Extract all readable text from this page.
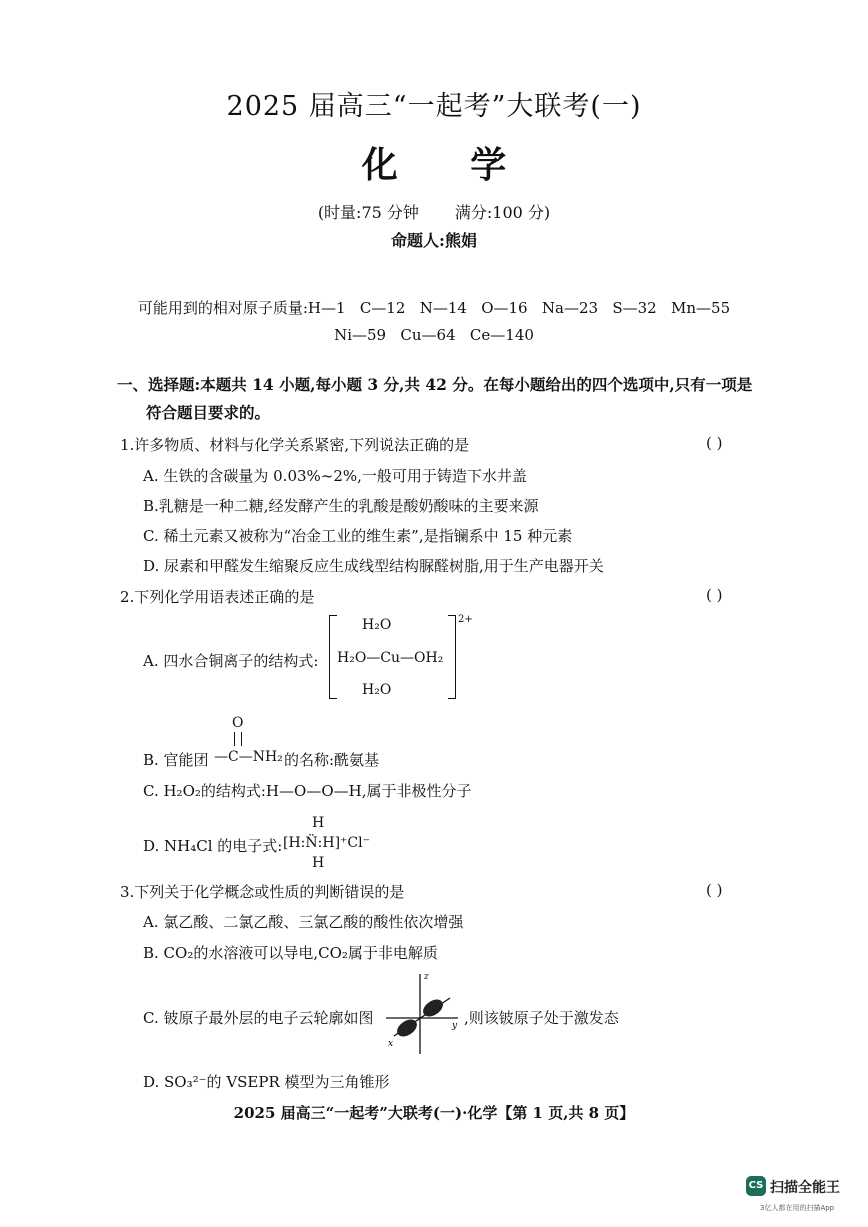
2025 届高三“一起考”大联考(一)
化 学
(时量:75 分钟 满分:100 分)
命题人:熊娟
可能用到的相对原子质量:H—1   C—12   N—14   O—16   Na—23   S—32   Mn—55
Ni—59   Cu—64   Ce—140
一、选择题:本题共 14 小题,每小题 3 分,共 42 分。在每小题给出的四个选项中,只有一项是
符合题目要求的。
1.许多物质、材料与化学关系紧密,下列说法正确的是	( )
A. 生铁的含碳量为 0.03%~2%,一般可用于铸造下水井盖
B.乳糖是一种二糖,经发酵产生的乳酸是酸奶酸味的主要来源
C. 稀土元素又被称为“冶金工业的维生素”,是指镧系中 15 种元素
D. 尿素和甲醛发生缩聚反应生成线型结构脲醛树脂,用于生产电器开关
2.下列化学用语表述正确的是	( )
A. 四水合铜离子的结构式:
H₂O
H₂O—Cu—OH₂
H₂O
2+
B. 官能团
O
—C—NH₂ 的名称:酰氨基
C. H₂O₂的结构式:H—O—O—H,属于非极性分子
D. NH₄Cl 的电子式:
H
[H:N̈:H]⁺Cl⁻
H
3.下列关于化学概念或性质的判断错误的是	( )
A. 氯乙酸、二氯乙酸、三氯乙酸的酸性依次增强
B. CO₂的水溶液可以导电,CO₂属于非电解质
C. 铍原子最外层的电子云轮廓如图
z
y
x
,则该铍原子处于激发态
D. SO₃²⁻的 VSEPR 模型为三角锥形
2025 届高三“一起考”大联考(一)·化学【第 1 页,共 8 页】
CS 扫描全能王
3亿人都在用的扫描App
